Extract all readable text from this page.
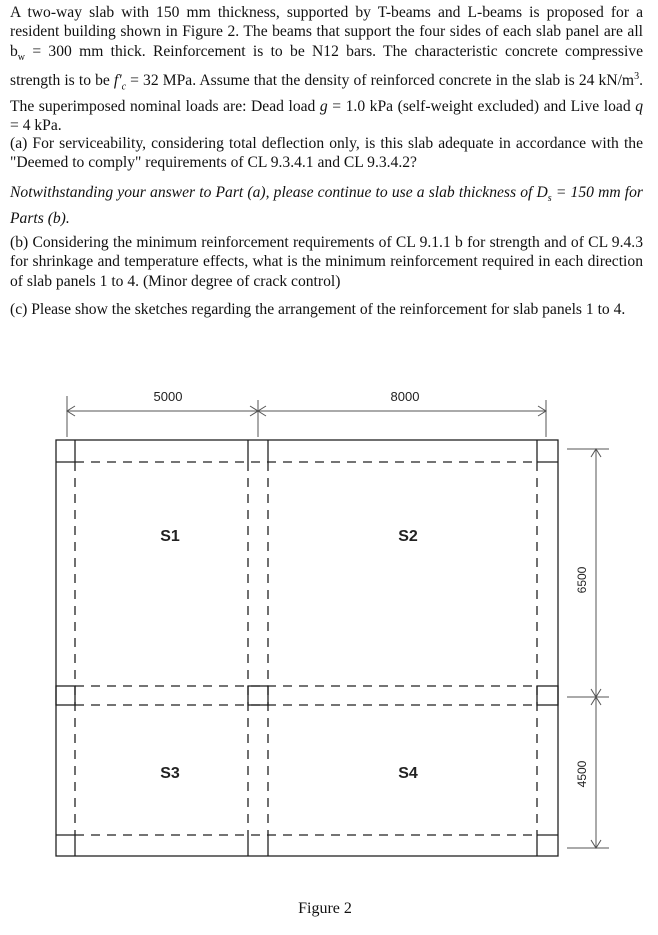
A two-way slab with 150 mm thickness, supported by T-beams and L-beams is proposed for a resident building shown in Figure 2. The beams that support the four sides of each slab panel are all $b_w = 300$ mm thick. Reinforcement is to be N12 bars. The characteristic concrete compressive strength is to be $f'_c = 32$ MPa. Assume that the density of reinforced concrete in the slab is 24 $kN/m^3$. The superimposed nominal loads are: Dead load g = 1.0 kPa (self-weight excluded) and Live load q = 4 kPa.

(a) For serviceability, considering total deflection only, is this slab adequate in accordance with the "Deemed to comply" requirements of CL 9.3.4.1 and CL 9.3.4.2?

Notwithstanding your answer to Part (a), please continue to use a slab thickness of $D_s = 150$ mm for Parts (b).

(b) Considering the minimum reinforcement requirements of CL 9.1.1 b for strength and of CL 9.4.3 for shrinkage and temperature effects, what is the minimum reinforcement required in each direction of slab panels 1 to 4. (Minor degree of crack control)

(c) Please show the sketches regarding the arrangement of the reinforcement for slab panels 1 to 4.

5000	8000
6500
4500
S1	S2
S3	S4
Figure 2
